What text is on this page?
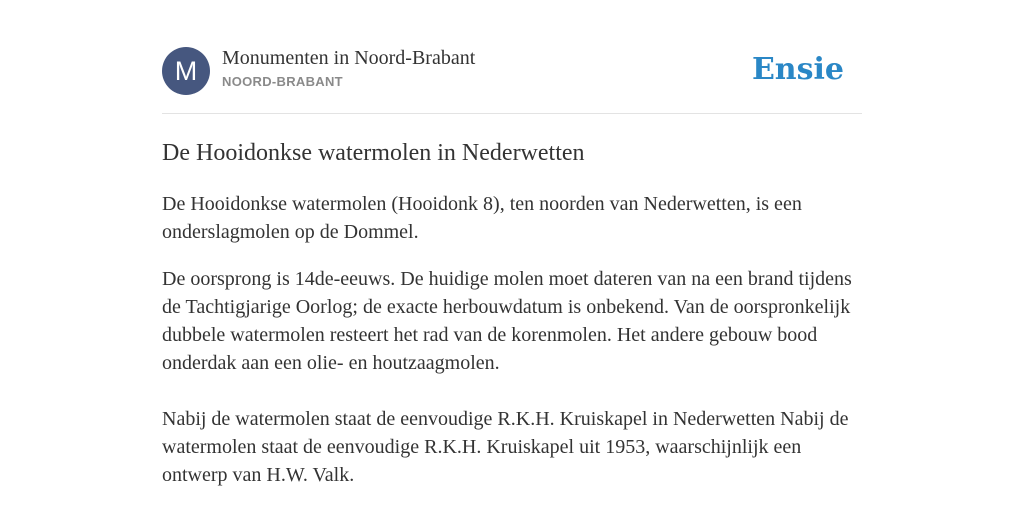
M	Monumenten in Noord-Brabant
NOORD-BRABANT	Ensie
De Hooidonkse watermolen in Nederwetten

De Hooidonkse watermolen (Hooidonk 8), ten noorden van Nederwetten, is een onderslagmolen op de Dommel.

De oorsprong is 14de-eeuws. De huidige molen moet dateren van na een brand tijdens de Tachtigjarige Oorlog; de exacte herbouwdatum is onbekend. Van de oorspronkelijk dubbele watermolen resteert het rad van de korenmolen. Het andere gebouw bood onderdak aan een olie- en houtzaagmolen.

Nabij de watermolen staat de eenvoudige R.K.H. Kruiskapel in Nederwetten Nabij de watermolen staat de eenvoudige R.K.H. Kruiskapel uit 1953, waarschijnlijk een ontwerp van H.W. Valk.
